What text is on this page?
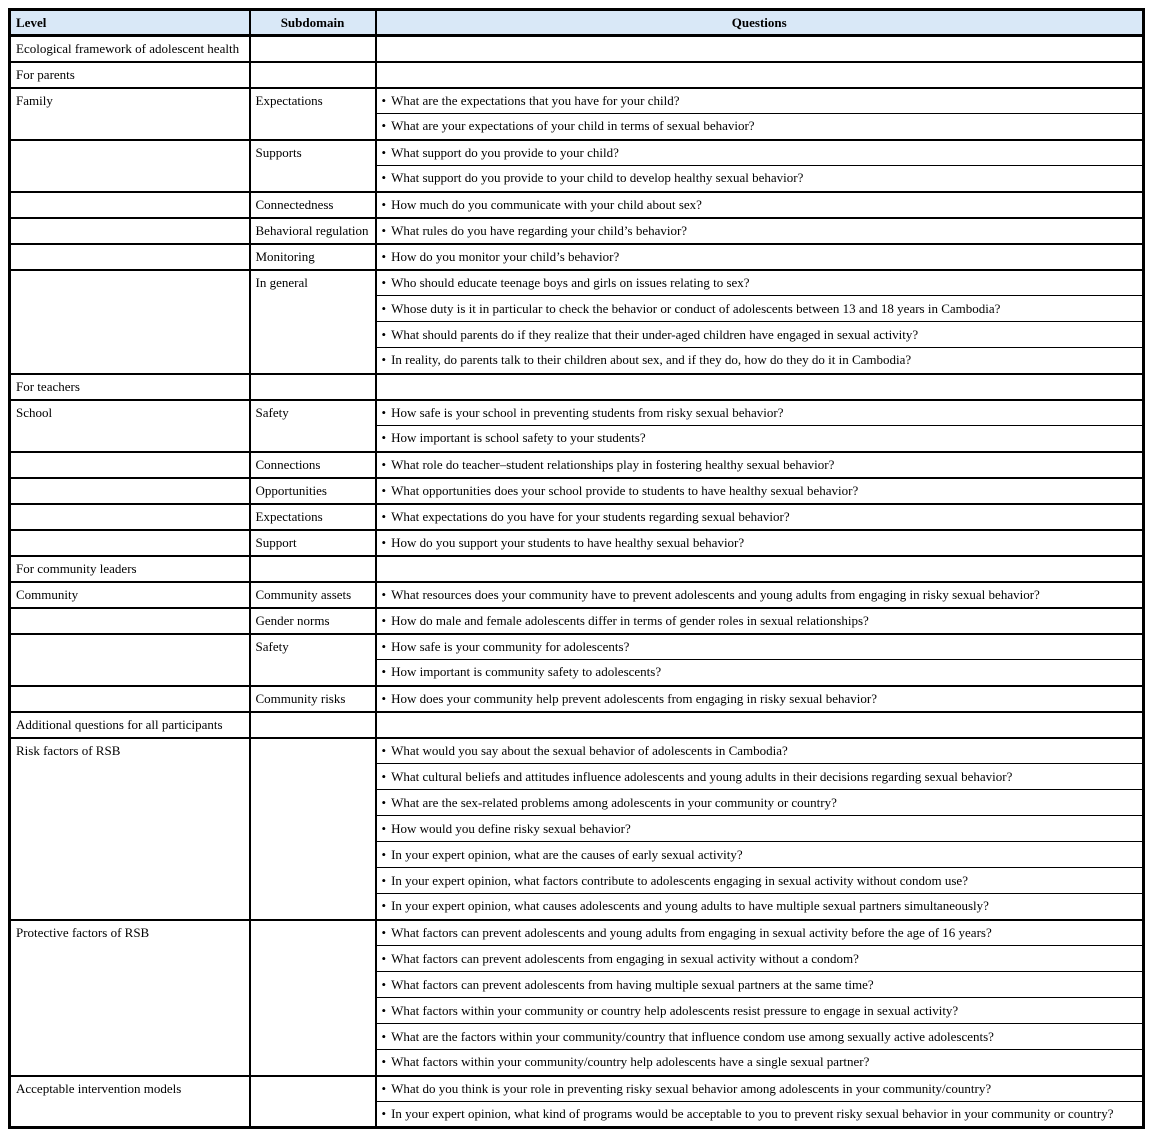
Level	Subdomain	Questions
Ecological framework of adolescent health		
For parents		
Family	Expectations	• What are the expectations that you have for your child?
		• What are your expectations of your child in terms of sexual behavior?
	Supports	• What support do you provide to your child?
		• What support do you provide to your child to develop healthy sexual behavior?
	Connectedness	• How much do you communicate with your child about sex?
	Behavioral regulation	• What rules do you have regarding your child’s behavior?
	Monitoring	• How do you monitor your child’s behavior?
	In general	• Who should educate teenage boys and girls on issues relating to sex?
		• Whose duty is it in particular to check the behavior or conduct of adolescents between 13 and 18 years in Cambodia?
		• What should parents do if they realize that their under-aged children have engaged in sexual activity?
		• In reality, do parents talk to their children about sex, and if they do, how do they do it in Cambodia?
For teachers		
School	Safety	• How safe is your school in preventing students from risky sexual behavior?
		• How important is school safety to your students?
	Connections	• What role do teacher–student relationships play in fostering healthy sexual behavior?
	Opportunities	• What opportunities does your school provide to students to have healthy sexual behavior?
	Expectations	• What expectations do you have for your students regarding sexual behavior?
	Support	• How do you support your students to have healthy sexual behavior?
For community leaders		
Community	Community assets	• What resources does your community have to prevent adolescents and young adults from engaging in risky sexual behavior?
	Gender norms	• How do male and female adolescents differ in terms of gender roles in sexual relationships?
	Safety	• How safe is your community for adolescents?
		• How important is community safety to adolescents?
	Community risks	• How does your community help prevent adolescents from engaging in risky sexual behavior?
Additional questions for all participants		
Risk factors of RSB		• What would you say about the sexual behavior of adolescents in Cambodia?
		• What cultural beliefs and attitudes influence adolescents and young adults in their decisions regarding sexual behavior?
		• What are the sex-related problems among adolescents in your community or country?
		• How would you define risky sexual behavior?
		• In your expert opinion, what are the causes of early sexual activity?
		• In your expert opinion, what factors contribute to adolescents engaging in sexual activity without condom use?
		• In your expert opinion, what causes adolescents and young adults to have multiple sexual partners simultaneously?
Protective factors of RSB		• What factors can prevent adolescents and young adults from engaging in sexual activity before the age of 16 years?
		• What factors can prevent adolescents from engaging in sexual activity without a condom?
		• What factors can prevent adolescents from having multiple sexual partners at the same time?
		• What factors within your community or country help adolescents resist pressure to engage in sexual activity?
		• What are the factors within your community/country that influence condom use among sexually active adolescents?
		• What factors within your community/country help adolescents have a single sexual partner?
Acceptable intervention models		• What do you think is your role in preventing risky sexual behavior among adolescents in your community/country?
		• In your expert opinion, what kind of programs would be acceptable to you to prevent risky sexual behavior in your community or country?
